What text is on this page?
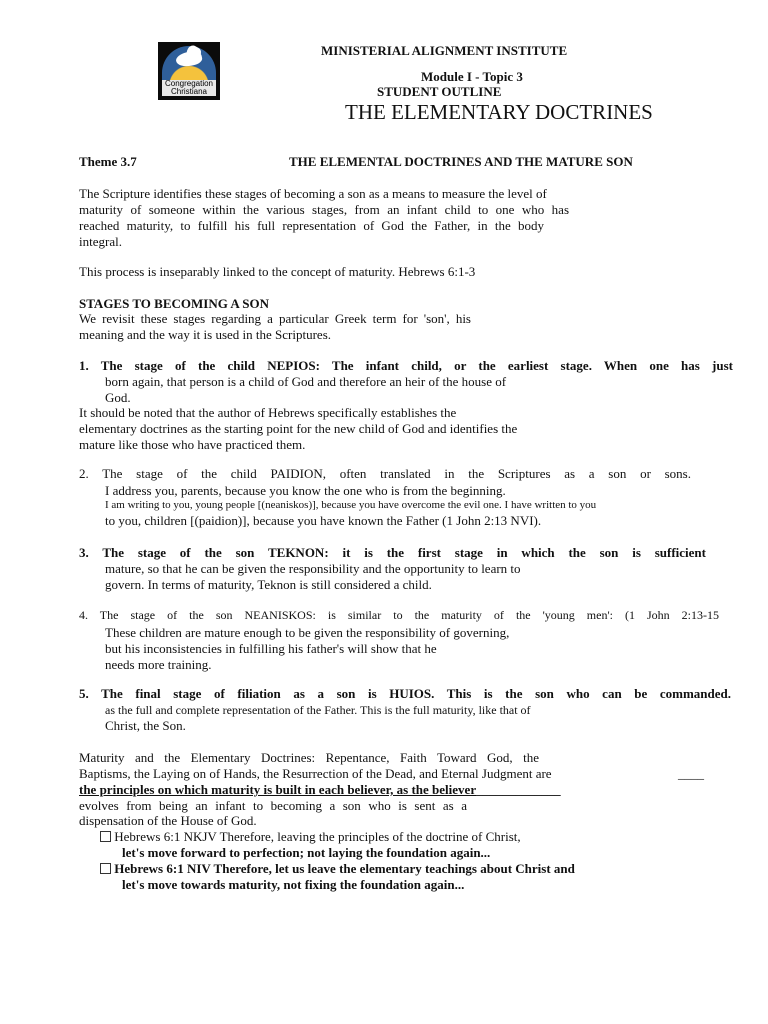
Congregation
Christiana
MINISTERIAL ALIGNMENT INSTITUTE
Module I - Topic 3
STUDENT OUTLINE
THE ELEMENTARY DOCTRINES
Theme 3.7	THE ELEMENTAL DOCTRINES AND THE MATURE SON
The Scripture identifies these stages of becoming a son as a means to measure the level of
maturity of someone within the various stages, from an infant child to one who has
reached maturity, to fulfill his full representation of God the Father, in the body
integral.
This process is inseparably linked to the concept of maturity. Hebrews 6:1-3
STAGES TO BECOMING A SON
We revisit these stages regarding a particular Greek term for 'son', his
meaning and the way it is used in the Scriptures.
1. The stage of the child NEPIOS: The infant child, or the earliest stage. When one has just
born again, that person is a child of God and therefore an heir of the house of
God.
It should be noted that the author of Hebrews specifically establishes the
elementary doctrines as the starting point for the new child of God and identifies the
mature like those who have practiced them.
2. The stage of the child PAIDION, often translated in the Scriptures as a son or sons.
I address you, parents, because you know the one who is from the beginning.
I am writing to you, young people [(neaniskos)], because you have overcome the evil one. I have written to you
to you, children [(paidion)], because you have known the Father (1 John 2:13 NVI).
3. The stage of the son TEKNON: it is the first stage in which the son is sufficient
mature, so that he can be given the responsibility and the opportunity to learn to
govern. In terms of maturity, Teknon is still considered a child.
4. The stage of the son NEANISKOS: is similar to the maturity of the 'young men': (1 John 2:13-15
These children are mature enough to be given the responsibility of governing,
but his inconsistencies in fulfilling his father's will show that he
needs more training.
5. The final stage of filiation as a son is HUIOS. This is the son who can be commanded.
as the full and complete representation of the Father. This is the full maturity, like that of
Christ, the Son.
Maturity and the Elementary Doctrines: Repentance, Faith Toward God, the
Baptisms, the Laying on of Hands, the Resurrection of the Dead, and Eternal Judgment are	____
the principles on which maturity is built in each believer, as the believer_____________
evolves from being an infant to becoming a son who is sent as a
dispensation of the House of God.
Hebrews 6:1 NKJV Therefore, leaving the principles of the doctrine of Christ,
let's move forward to perfection; not laying the foundation again...
Hebrews 6:1 NIV Therefore, let us leave the elementary teachings about Christ and
let's move towards maturity, not fixing the foundation again...
